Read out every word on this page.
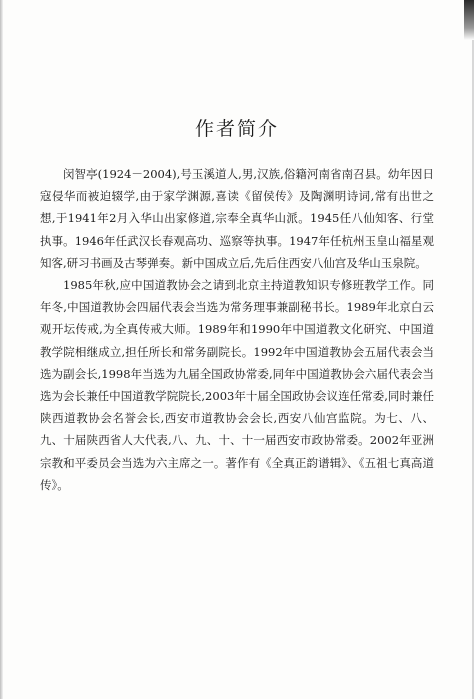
作者简介

闵智亭(1924－2004),号玉溪道人,男,汉族,俗籍河南省南召县。幼年因日寇侵华而被迫辍学,由于家学渊源,喜读《留侯传》及陶渊明诗词,常有出世之想,于1941年2月入华山出家修道,宗奉全真华山派。1945任八仙知客、行堂执事。1946年任武汉长春观高功、巡察等执事。1947年任杭州玉皇山福星观知客,研习书画及古琴弹奏。新中国成立后,先后住西安八仙宫及华山玉泉院。

1985年秋,应中国道教协会之请到北京主持道教知识专修班教学工作。同年冬,中国道教协会四届代表会当选为常务理事兼副秘书长。1989年北京白云观开坛传戒,为全真传戒大师。1989年和1990年中国道教文化研究、中国道教学院相继成立,担任所长和常务副院长。1992年中国道教协会五届代表会当选为副会长,1998年当选为九届全国政协常委,同年中国道教协会六届代表会当选为会长兼任中国道教学院院长,2003年十届全国政协会议连任常委,同时兼任陕西道教协会名誉会长,西安市道教协会会长,西安八仙宫监院。为七、八、九、十届陕西省人大代表,八、九、十、十一届西安市政协常委。2002年亚洲宗教和平委员会当选为六主席之一。著作有《全真正韵谱辑》、《五祖七真高道传》。
